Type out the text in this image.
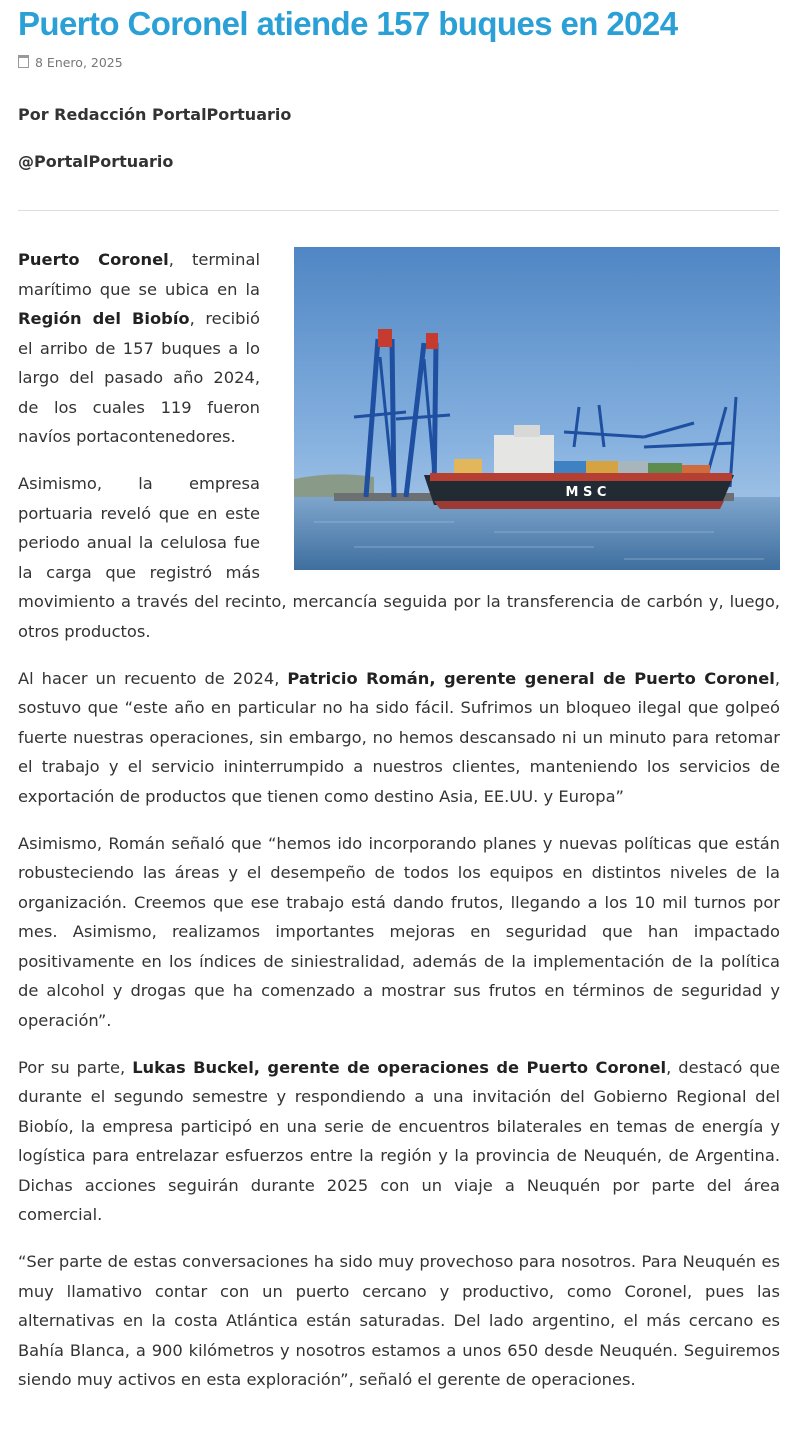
Puerto Coronel atiende 157 buques en 2024
8 Enero, 2025
Por Redacción PortalPortuario
@PortalPortuario
M S C

Puerto Coronel, terminal marítimo que se ubica en la Región del Biobío, recibió el arribo de 157 buques a lo largo del pasado año 2024, de los cuales 119 fueron navíos portacontenedores.

Asimismo, la empresa portuaria reveló que en este periodo anual la celulosa fue la carga que registró más movimiento a través del recinto, mercancía seguida por la transferencia de carbón y, luego, otros productos.

Al hacer un recuento de 2024, Patricio Román, gerente general de Puerto Coronel, sostuvo que “este año en particular no ha sido fácil. Sufrimos un bloqueo ilegal que golpeó fuerte nuestras operaciones, sin embargo, no hemos descansado ni un minuto para retomar el trabajo y el servicio ininterrumpido a nuestros clientes, manteniendo los servicios de exportación de productos que tienen como destino Asia, EE.UU. y Europa”

Asimismo, Román señaló que “hemos ido incorporando planes y nuevas políticas que están robusteciendo las áreas y el desempeño de todos los equipos en distintos niveles de la organización. Creemos que ese trabajo está dando frutos, llegando a los 10 mil turnos por mes. Asimismo, realizamos importantes mejoras en seguridad que han impactado positivamente en los índices de siniestralidad, además de la implementación de la política de alcohol y drogas que ha comenzado a mostrar sus frutos en términos de seguridad y operación”.

Por su parte, Lukas Buckel, gerente de operaciones de Puerto Coronel, destacó que durante el segundo semestre y respondiendo a una invitación del Gobierno Regional del Biobío, la empresa participó en una serie de encuentros bilaterales en temas de energía y logística para entrelazar esfuerzos entre la región y la provincia de Neuquén, de Argentina. Dichas acciones seguirán durante 2025 con un viaje a Neuquén por parte del área comercial.

“Ser parte de estas conversaciones ha sido muy provechoso para nosotros. Para Neuquén es muy llamativo contar con un puerto cercano y productivo, como Coronel, pues las alternativas en la costa Atlántica están saturadas. Del lado argentino, el más cercano es Bahía Blanca, a 900 kilómetros y nosotros estamos a unos 650 desde Neuquén. Seguiremos siendo muy activos en esta exploración”, señaló el gerente de operaciones.
